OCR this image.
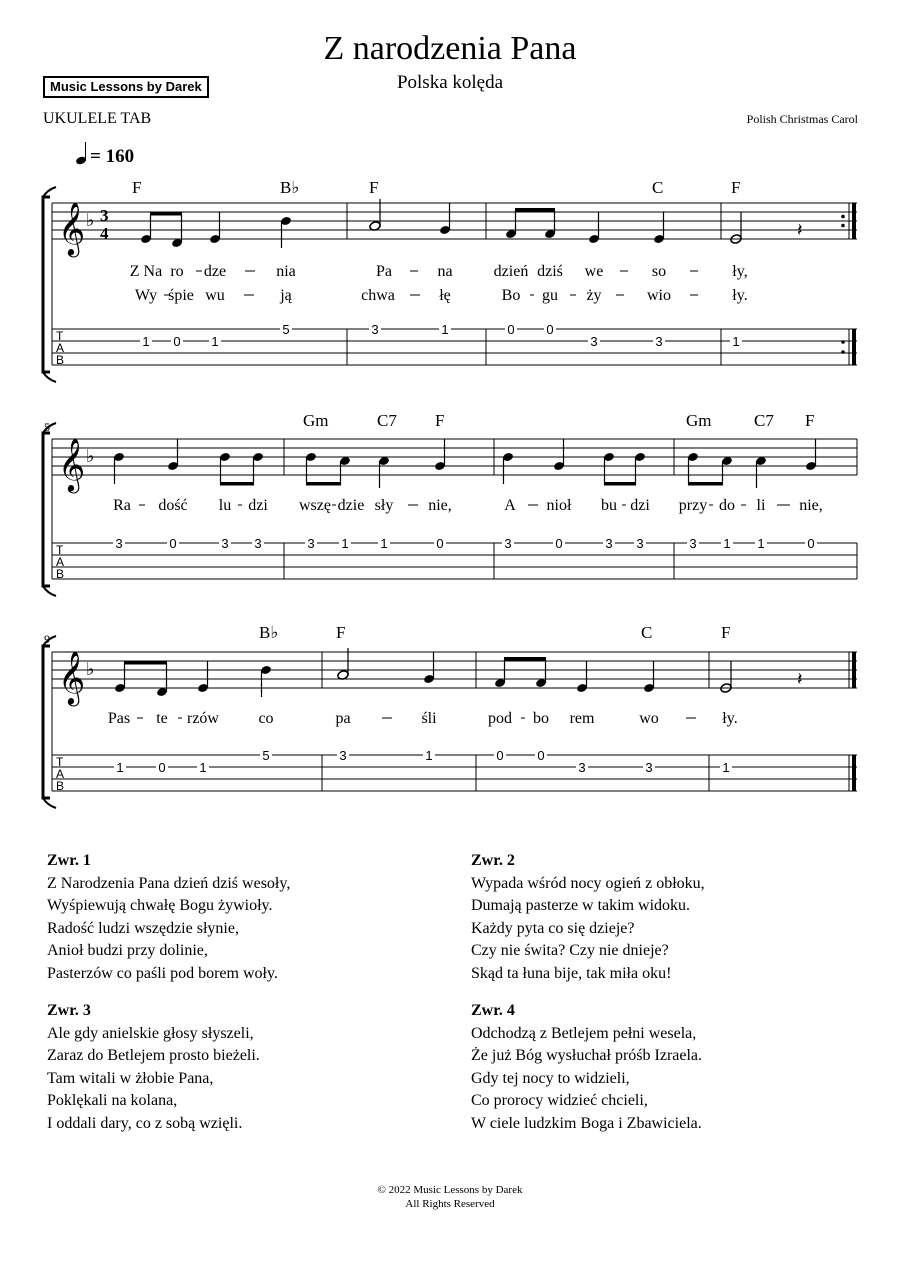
Z narodzenia Pana
Polska kolęda
Music Lessons by Darek
UKULELE TAB	Polish Christmas Carol
= 160
𝄞 ♭ 3
4
T
A
B
F	B♭	F	C	F
𝄽
Z Na ro dze	nia	Pa	na	dzień dziś we	so	ły,
Wy śpie wu	ją	chwa	łę	Bo gu ży	wio	ły.
1 0 1
5	3	1	0 0
3	3	1
5
𝄞 ♭
T
A
B
Gm	C7 F	Gm	C7 F
Ra dość lu dzi wszę dzie sły nie,	A nioł bu dzi przy do li nie,
3	0	3 3	3 1 1	0	3	0	3 3	3 1 1	0
9
𝄞 ♭
T
A
B
B♭	F	C	F
𝄽
Pas te rzów co	pa	śli	pod bo rem	wo	ły.
1	0	1
5	3	1	0	0
3	3	1
Zwr. 1
Z Narodzenia Pana dzień dziś wesoły,
Wyśpiewują chwałę Bogu żywioły.
Radość ludzi wszędzie słynie,
Anioł budzi przy dolinie,
Pasterzów co paśli pod borem woły.
Zwr. 2
Wypada wśród nocy ogień z obłoku,
Dumają pasterze w takim widoku.
Każdy pyta co się dzieje?
Czy nie świta? Czy nie dnieje?
Skąd ta łuna bije, tak miła oku!
Zwr. 3
Ale gdy anielskie głosy słyszeli,
Zaraz do Betlejem prosto bieżeli.
Tam witali w żłobie Pana,
Poklękali na kolana,
I oddali dary, co z sobą wzięli.
Zwr. 4
Odchodzą z Betlejem pełni wesela,
Że już Bóg wysłuchał próśb Izraela.
Gdy tej nocy to widzieli,
Co prorocy widzieć chcieli,
W ciele ludzkim Boga i Zbawiciela.
© 2022 Music Lessons by Darek
All Rights Reserved
